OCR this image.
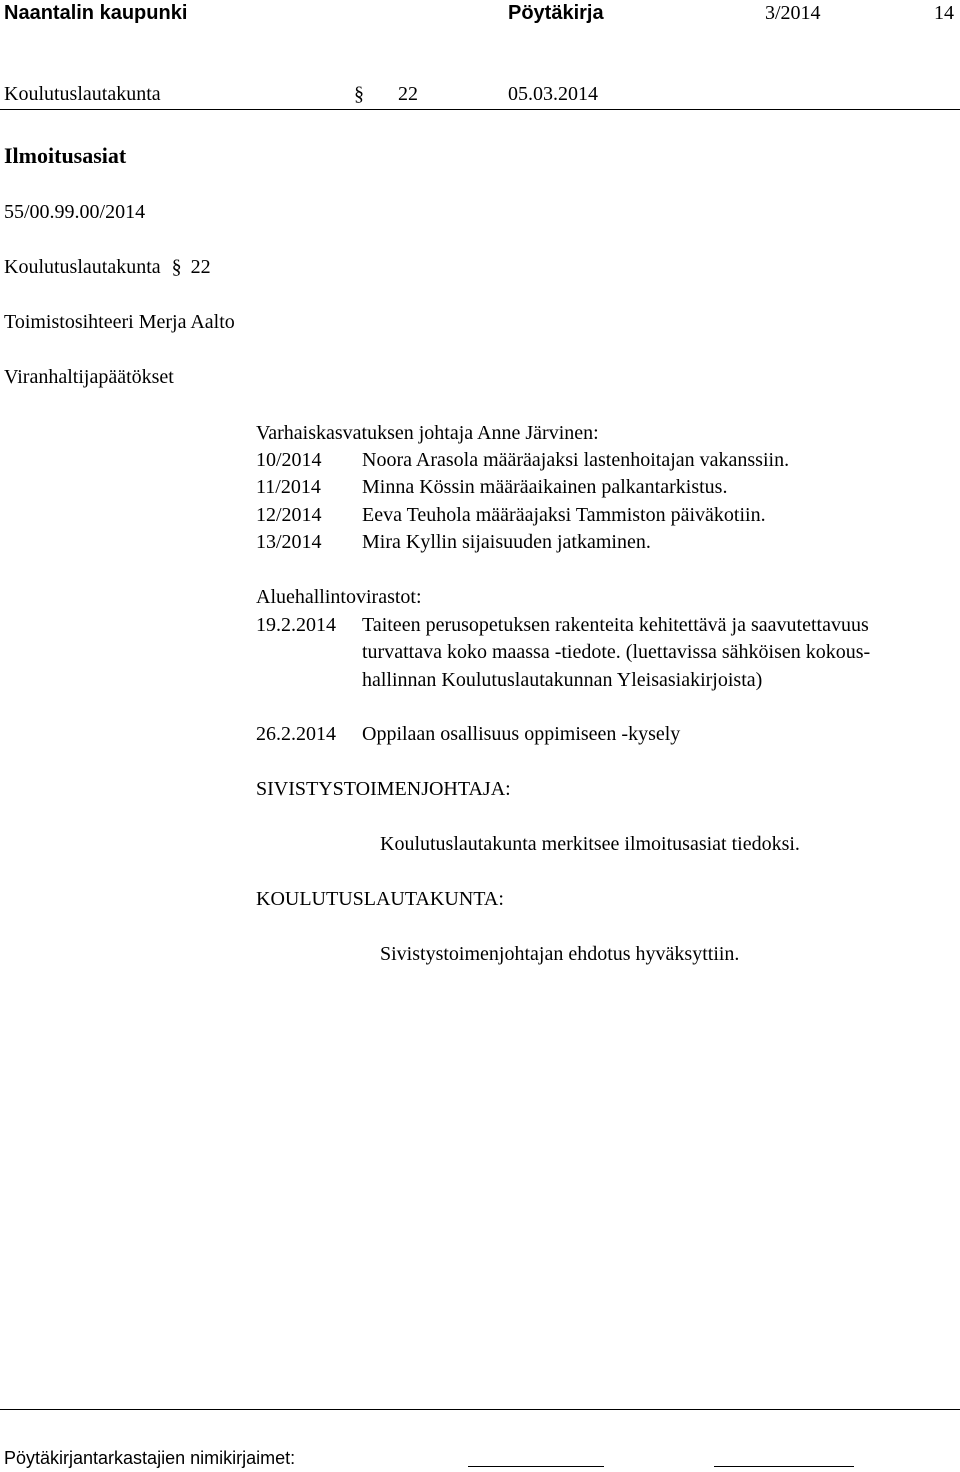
Naantalin kaupunki	Pöytäkirja	3/2014	14
Koulutuslautakunta	§ 22	05.03.2014
Ilmoitusasiat
55/00.99.00/2014
Koulutuslautakunta § 22
Toimistosihteeri Merja Aalto
Viranhaltijapäätökset
Varhaiskasvatuksen johtaja Anne Järvinen:
10/2014 Noora Arasola määräajaksi lastenhoitajan vakanssiin.
11/2014 Minna Kössin määräaikainen palkantarkistus.
12/2014 Eeva Teuhola määräajaksi Tammiston päiväkotiin.
13/2014 Mira Kyllin sijaisuuden jatkaminen.
Aluehallintovirastot:
19.2.2014 Taiteen perusopetuksen rakenteita kehitettävä ja saavutettavuus
turvattava koko maassa -tiedote. (luettavissa sähköisen kokous-
hallinnan Koulutuslautakunnan Yleisasiakirjoista)
26.2.2014 Oppilaan osallisuus oppimiseen -kysely
SIVISTYSTOIMENJOHTAJA:
Koulutuslautakunta merkitsee ilmoitusasiat tiedoksi.
KOULUTUSLAUTAKUNTA:
Sivistystoimenjohtajan ehdotus hyväksyttiin.
Pöytäkirjantarkastajien nimikirjaimet:
